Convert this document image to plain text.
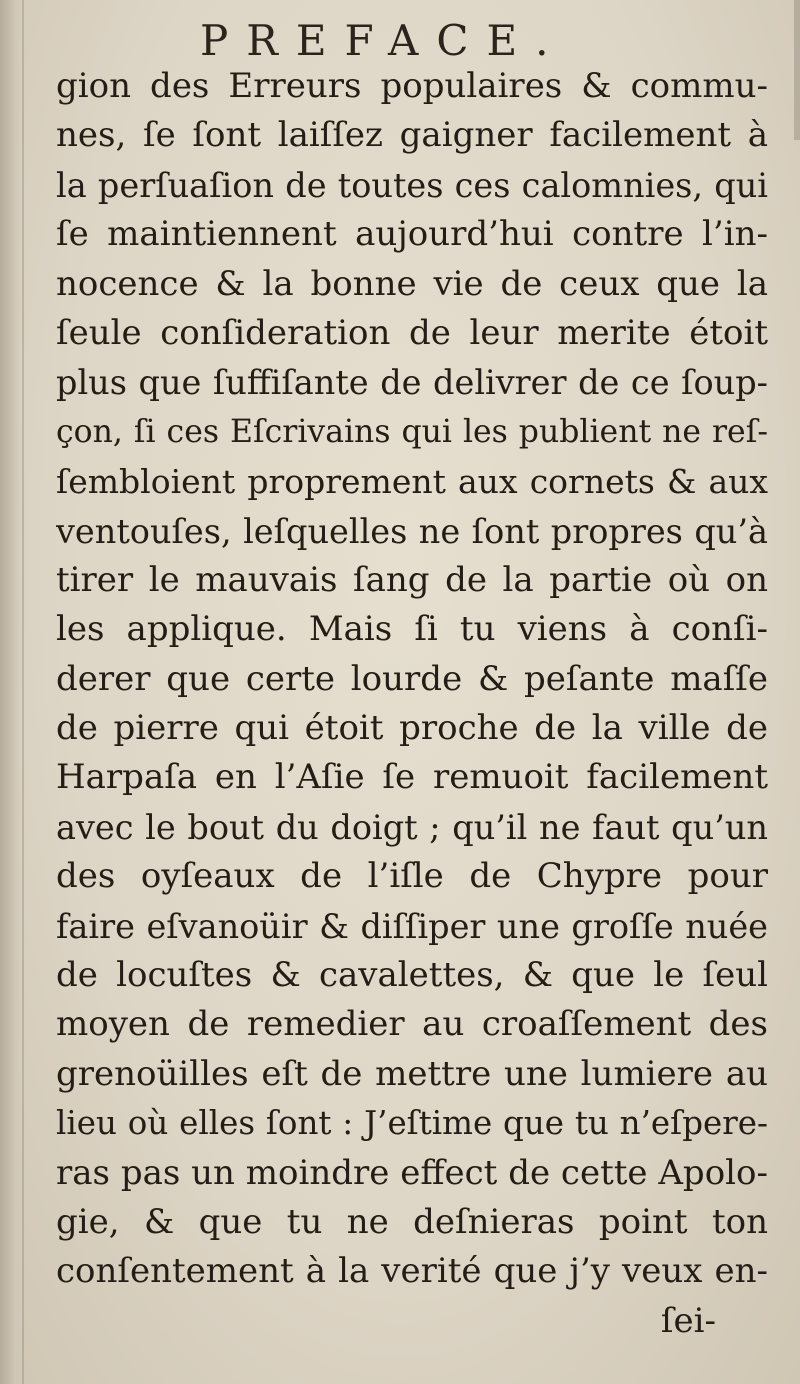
PREFACE.
gion des Erreurs populaires & commu-
nes, ſe ſont laiſſez gaigner facilement à
la perſuaſion de toutes ces calomnies, qui
ſe maintiennent aujourd’hui contre l’in-
nocence & la bonne vie de ceux que la
ſeule conſideration de leur merite étoit
plus que ſuffiſante de delivrer de ce ſoup-
çon, ſi ces Eſcrivains qui les publient ne reſ-
ſembloient proprement aux cornets & aux
ventouſes, leſquelles ne ſont propres qu’à
tirer le mauvais ſang de la partie où on
les applique. Mais ſi tu viens à conſi-
derer que certe lourde & peſante maſſe
de pierre qui étoit proche de la ville de
Harpaſa en l’Aſie ſe remuoit facilement
avec le bout du doigt ; qu’il ne faut qu’un
des oyſeaux de l’iſle de Chypre pour
faire eſvanoüir & diſſiper une groſſe nuée
de locuſtes & cavalettes, & que le ſeul
moyen de remedier au croaſſement des
grenoüilles eſt de mettre une lumiere au
lieu où elles ſont : J’eſtime que tu n’eſpere-
ras pas un moindre effect de cette Apolo-
gie, & que tu ne deſnieras point ton
conſentement à la verité que j’y veux en-
ſei-
